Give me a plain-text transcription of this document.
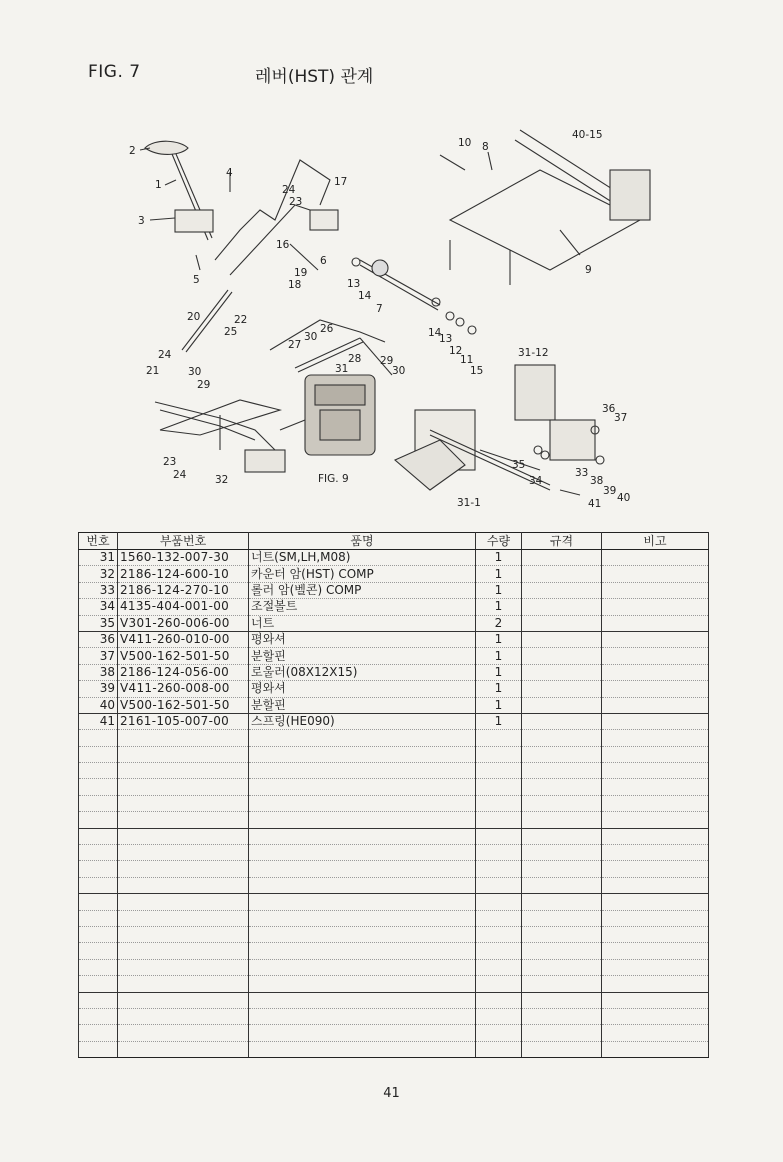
FIG. 7	레버(HST) 관계
2
1
3
4
5
24
23
17
16
6
19
18	13
14
7
10 8
40-15
9
14
13
12
11
15
20	22
25
24
21	30
29
23
24	32
27
30
26
28
31
29
30
31-12
36
37
35
33
34	38
39
40
41
31-1
FIG. 9
번호	부품번호	품명	수량	규격	비고
31	1560-132-007-30	너트(SM,LH,M08)	1		
32	2186-124-600-10	카운터 암(HST) COMP	1		
33	2186-124-270-10	롤러 암(벨콘) COMP	1		
34	4135-404-001-00	조절볼트	1		
35	V301-260-006-00	너트	2		
36	V411-260-010-00	평와셔	1		
37	V500-162-501-50	분할핀	1		
38	2186-124-056-00	로울러(08X12X15)	1		
39	V411-260-008-00	평와셔	1		
40	V500-162-501-50	분할핀	1		
41	2161-105-007-00	스프링(HE090)	1		

41
